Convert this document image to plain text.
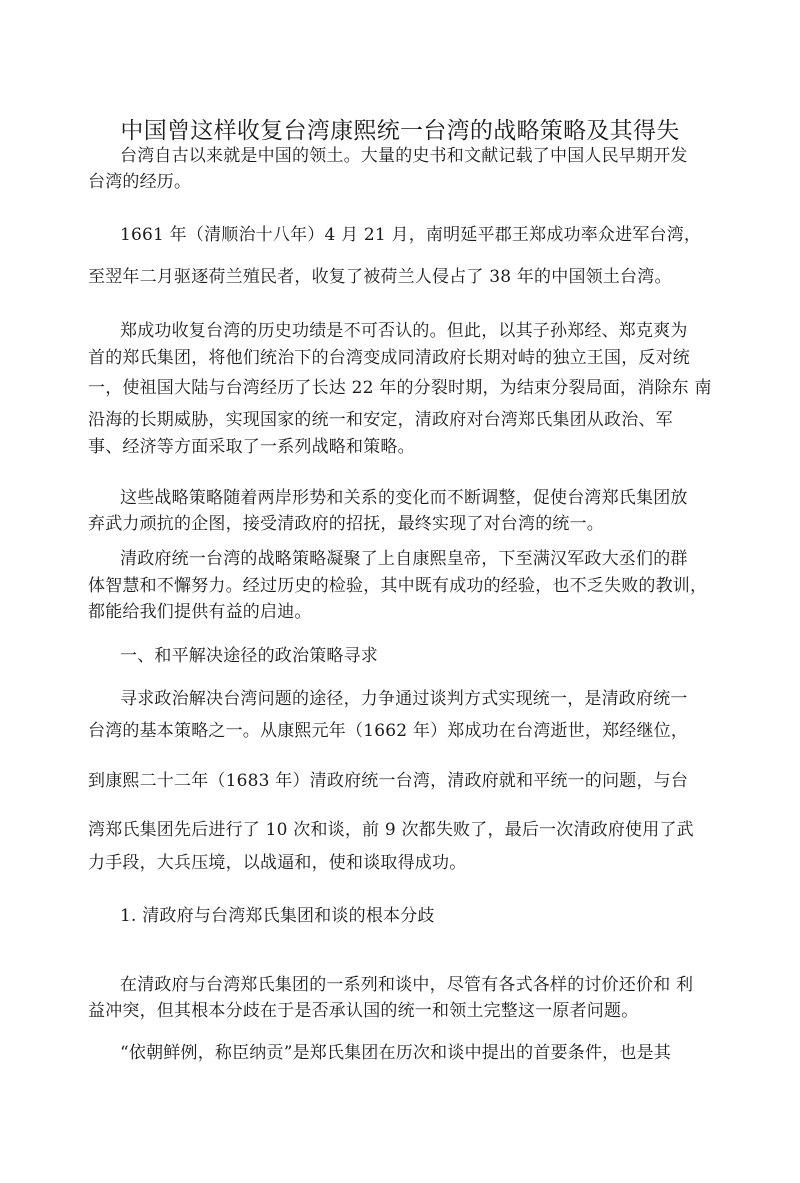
中国曾这样收复台湾康熙统一台湾的战略策略及其得失
台湾自古以来就是中国的领土。大量的史书和文献记载了中国人民早期开发
台湾的经历。
1661 年（清顺治十八年）4 月 21 月，南明延平郡王郑成功率众进军台湾，
至翌年二月驱逐荷兰殖民者，收复了被荷兰人侵占了 38 年的中国领土台湾。
郑成功收复台湾的历史功绩是不可否认的。但此，以其子孙郑经、郑克爽为
首的郑氏集团，将他们统治下的台湾变成同清政府长期对峙的独立王国，反对统
一，使祖国大陆与台湾经历了长达 22 年的分裂时期，为结束分裂局面，消除东 南
沿海的长期威胁，实现国家的统一和安定，清政府对台湾郑氏集团从政治、军
事、经济等方面采取了一系列战略和策略。
这些战略策略随着两岸形势和关系的变化而不断调整，促使台湾郑氏集团放
弃武力顽抗的企图，接受清政府的招抚，最终实现了对台湾的统一。
清政府统一台湾的战略策略凝聚了上自康熙皇帝，下至满汉军政大丞们的群
体智慧和不懈努力。经过历史的检验，其中既有成功的经验，也不乏失败的教训，
都能给我们提供有益的启迪。
一、和平解决途径的政治策略寻求
寻求政治解决台湾问题的途径，力争通过谈判方式实现统一，是清政府统一
台湾的基本策略之一。从康熙元年（1662 年）郑成功在台湾逝世，郑经继位，
到康熙二十二年（1683 年）清政府统一台湾，清政府就和平统一的问题，与台
湾郑氏集团先后进行了 10 次和谈，前 9 次都失败了，最后一次清政府使用了武
力手段，大兵压境，以战逼和，使和谈取得成功。
1. 清政府与台湾郑氏集团和谈的根本分歧
在清政府与台湾郑氏集团的一系列和谈中，尽管有各式各样的讨价还价和 利
益冲突，但其根本分歧在于是否承认国的统一和领土完整这一原者问题。
“依朝鲜例，称臣纳贡”是郑氏集团在历次和谈中提出的首要条件，也是其
